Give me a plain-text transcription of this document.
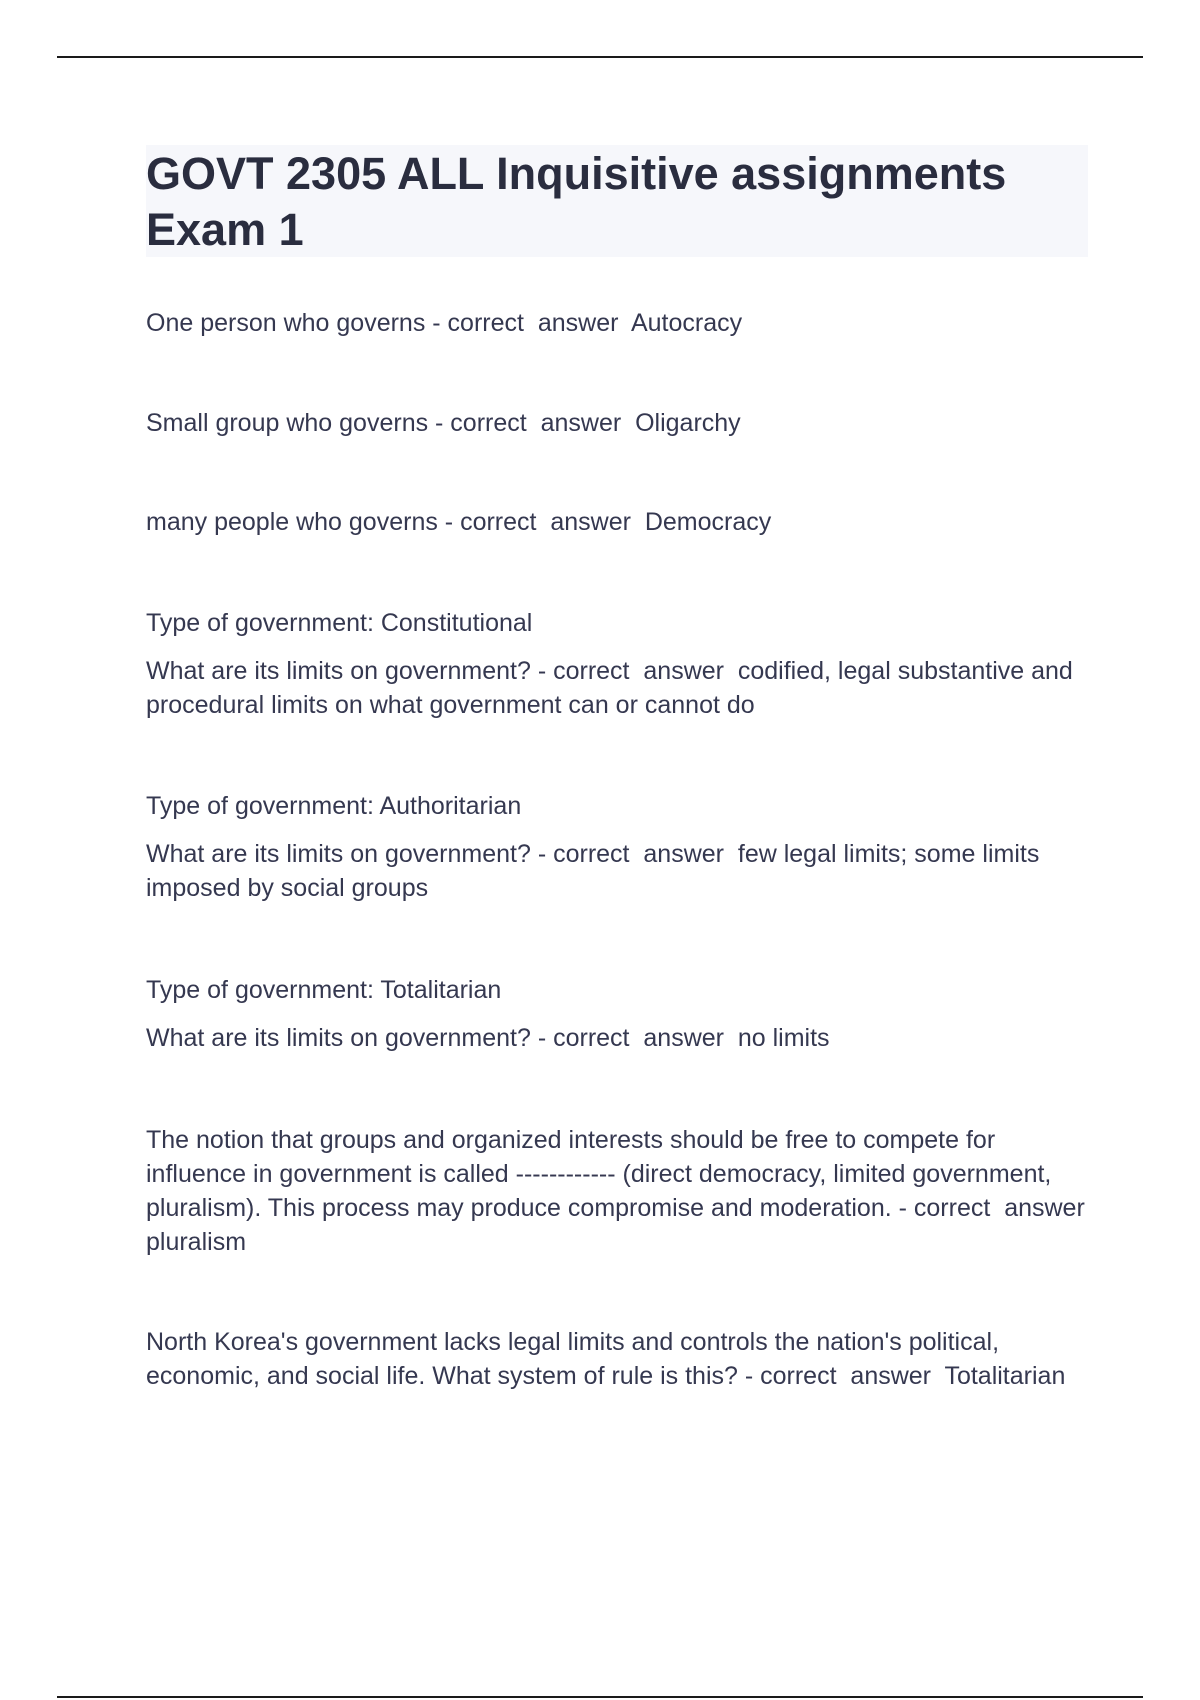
GOVT 2305 ALL Inquisitive assignments Exam 1

One person who governs - correct  answer  Autocracy

Small group who governs - correct  answer  Oligarchy

many people who governs - correct  answer  Democracy

Type of government: Constitutional

What are its limits on government? - correct  answer  codified, legal substantive and procedural limits on what government can or cannot do

Type of government: Authoritarian

What are its limits on government? - correct  answer  few legal limits; some limits imposed by social groups

Type of government: Totalitarian

What are its limits on government? - correct  answer  no limits

The notion that groups and organized interests should be free to compete for influence in government is called ------------ (direct democracy, limited government, pluralism). This process may produce compromise and moderation. - correct  answer  pluralism

North Korea's government lacks legal limits and controls the nation's political, economic, and social life. What system of rule is this? - correct  answer  Totalitarian
